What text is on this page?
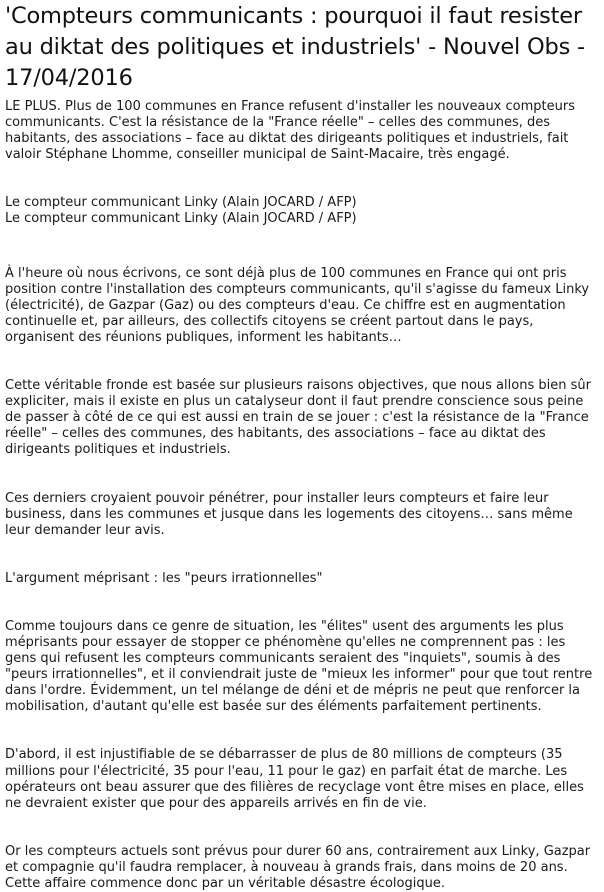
'Compteurs communicants : pourquoi il faut resister au diktat des politiques et industriels' - Nouvel Obs - 17/04/2016

LE PLUS. Plus de 100 communes en France refusent d'installer les nouveaux compteurs communicants. C'est la résistance de la "France réelle" – celles des communes, des habitants, des associations – face au diktat des dirigeants politiques et industriels, fait valoir Stéphane Lhomme, conseiller municipal de Saint-Macaire, très engagé.

Le compteur communicant Linky (Alain JOCARD / AFP)

Le compteur communicant Linky (Alain JOCARD / AFP)

À l'heure où nous écrivons, ce sont déjà plus de 100 communes en France qui ont pris position contre l'installation des compteurs communicants, qu'il s'agisse du fameux Linky (électricité), de Gazpar (Gaz) ou des compteurs d'eau. Ce chiffre est en augmentation continuelle et, par ailleurs, des collectifs citoyens se créent partout dans le pays, organisent des réunions publiques, informent les habitants…

Cette véritable fronde est basée sur plusieurs raisons objectives, que nous allons bien sûr expliciter, mais il existe en plus un catalyseur dont il faut prendre conscience sous peine de passer à côté de ce qui est aussi en train de se jouer : c'est la résistance de la "France réelle" – celles des communes, des habitants, des associations – face au diktat des dirigeants politiques et industriels.

Ces derniers croyaient pouvoir pénétrer, pour installer leurs compteurs et faire leur business, dans les communes et jusque dans les logements des citoyens… sans même leur demander leur avis.

L'argument méprisant : les "peurs irrationnelles"

Comme toujours dans ce genre de situation, les "élites" usent des arguments les plus méprisants pour essayer de stopper ce phénomène qu'elles ne comprennent pas : les gens qui refusent les compteurs communicants seraient des "inquiets", soumis à des "peurs irrationnelles", et il conviendrait juste de "mieux les informer" pour que tout rentre dans l'ordre. Évidemment, un tel mélange de déni et de mépris ne peut que renforcer la mobilisation, d'autant qu'elle est basée sur des éléments parfaitement pertinents.

D'abord, il est injustifiable de se débarrasser de plus de 80 millions de compteurs (35 millions pour l'électricité, 35 pour l'eau, 11 pour le gaz) en parfait état de marche. Les opérateurs ont beau assurer que des filières de recyclage vont être mises en place, elles ne devraient exister que pour des appareils arrivés en fin de vie.

Or les compteurs actuels sont prévus pour durer 60 ans, contrairement aux Linky, Gazpar et compagnie qu'il faudra remplacer, à nouveau à grands frais, dans moins de 20 ans. Cette affaire commence donc par un véritable désastre écologique.
